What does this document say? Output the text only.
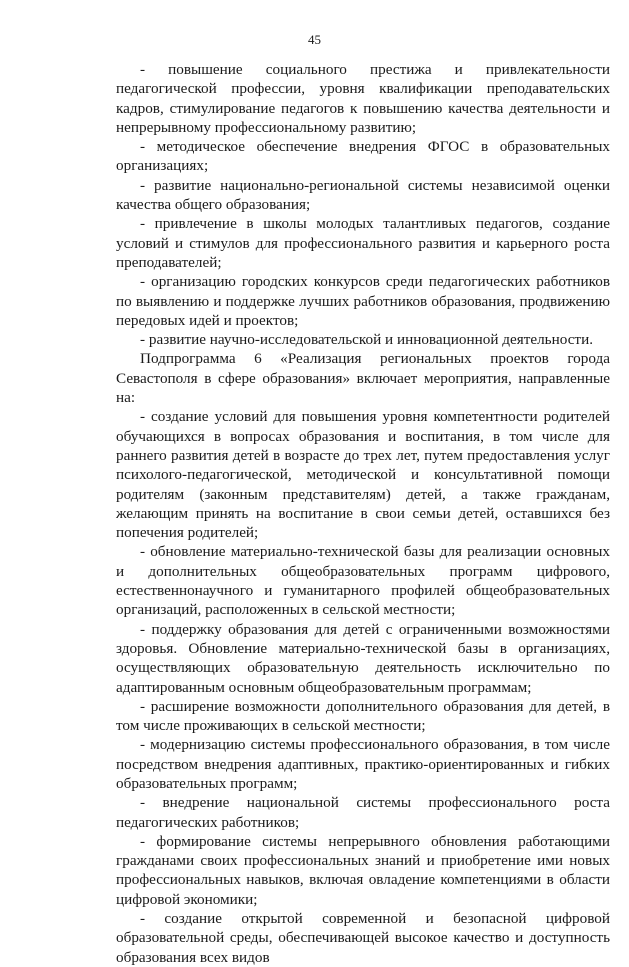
45

- повышение социального престижа и привлекательности педагогической профессии, уровня квалификации преподавательских кадров, стимулирование педагогов к повышению качества деятельности и непрерывному профессиональному развитию;

- методическое обеспечение внедрения ФГОС в образовательных организациях;

- развитие национально-региональной системы независимой оценки качества общего образования;

- привлечение в школы молодых талантливых педагогов, создание условий и стимулов для профессионального развития и карьерного роста преподавателей;

- организацию городских конкурсов среди педагогических работников по выявлению и поддержке лучших работников образования, продвижению передовых идей и проектов;

- развитие научно-исследовательской и инновационной деятельности.

Подпрограмма 6 «Реализация региональных проектов города Севастополя в сфере образования» включает мероприятия, направленные на:

- создание условий для повышения уровня компетентности родителей обучающихся в вопросах образования и воспитания, в том числе для раннего развития детей в возрасте до трех лет, путем предоставления услуг психолого-педагогической, методической и консультативной помощи родителям (законным представителям) детей, а также гражданам, желающим принять на воспитание в свои семьи детей, оставшихся без попечения родителей;

- обновление материально-технической базы для реализации основных и дополнительных общеобразовательных программ цифрового, естественнонаучного и гуманитарного профилей общеобразовательных организаций, расположенных в сельской местности;

- поддержку образования для детей с ограниченными возможностями здоровья. Обновление материально-технической базы в организациях, осуществляющих образовательную деятельность исключительно по адаптированным основным общеобразовательным программам;

- расширение возможности дополнительного образования для детей, в том числе проживающих в сельской местности;

- модернизацию системы профессионального образования, в том числе посредством внедрения адаптивных, практико-ориентированных и гибких образовательных программ;

- внедрение национальной системы профессионального роста педагогических работников;

- формирование системы непрерывного обновления работающими гражданами своих профессиональных знаний и приобретение ими новых профессиональных навыков, включая овладение компетенциями в области цифровой экономики;

- создание открытой современной и безопасной цифровой образовательной среды, обеспечивающей высокое качество и доступность образования всех видов
